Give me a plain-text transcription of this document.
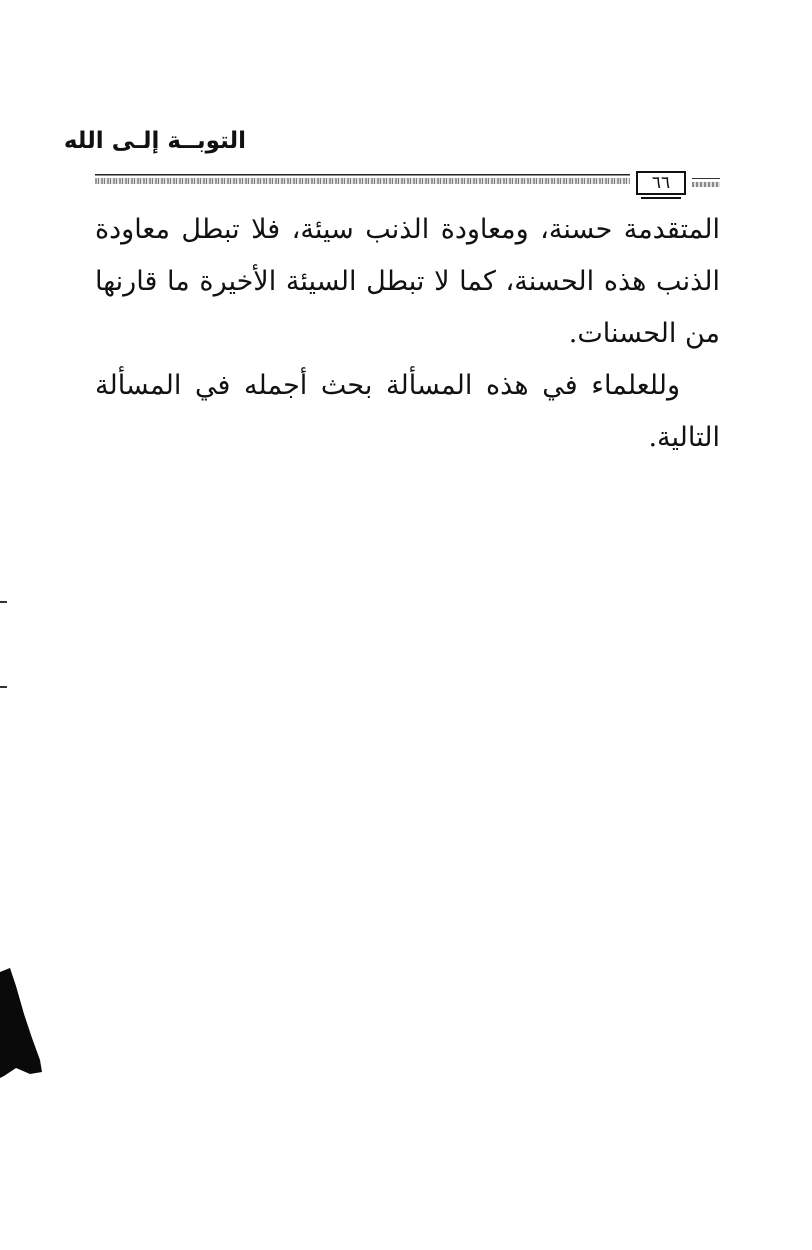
التوبــة إلـى الله
٦٦

المتقدمة حسنة، ومعاودة الذنب سيئة، فلا تبطل معاودة الذنب هذه الحسنة، كما لا تبطل السيئة الأخيرة ما قارنها من الحسنات.

وللعلماء في هذه المسألة بحث أجمله في المسألة التالية.
